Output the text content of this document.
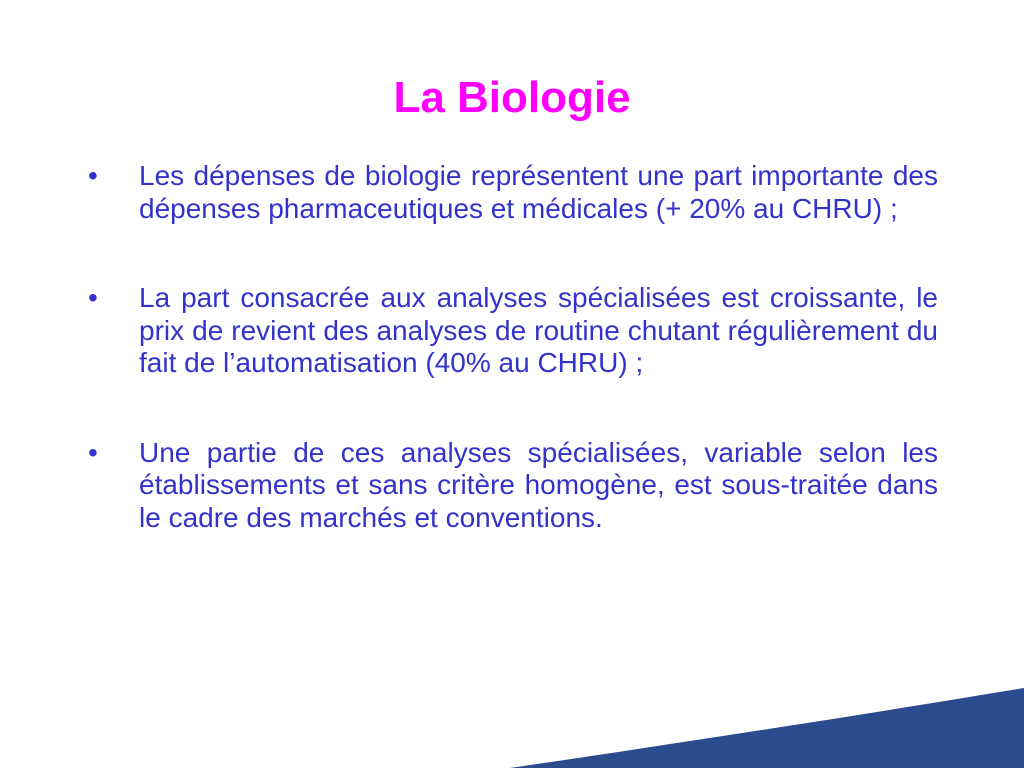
La Biologie
•	Les dépenses de biologie représentent une part importante des dépenses pharmaceutiques et médicales (+ 20% au CHRU) ;
•	La part consacrée aux analyses spécialisées est croissante, le prix de revient des analyses de routine chutant régulièrement du fait de l’automatisation (40% au CHRU) ;
•	Une partie de ces analyses spécialisées, variable selon les établissements et sans critère homogène, est sous-traitée dans le cadre des marchés et conventions.
